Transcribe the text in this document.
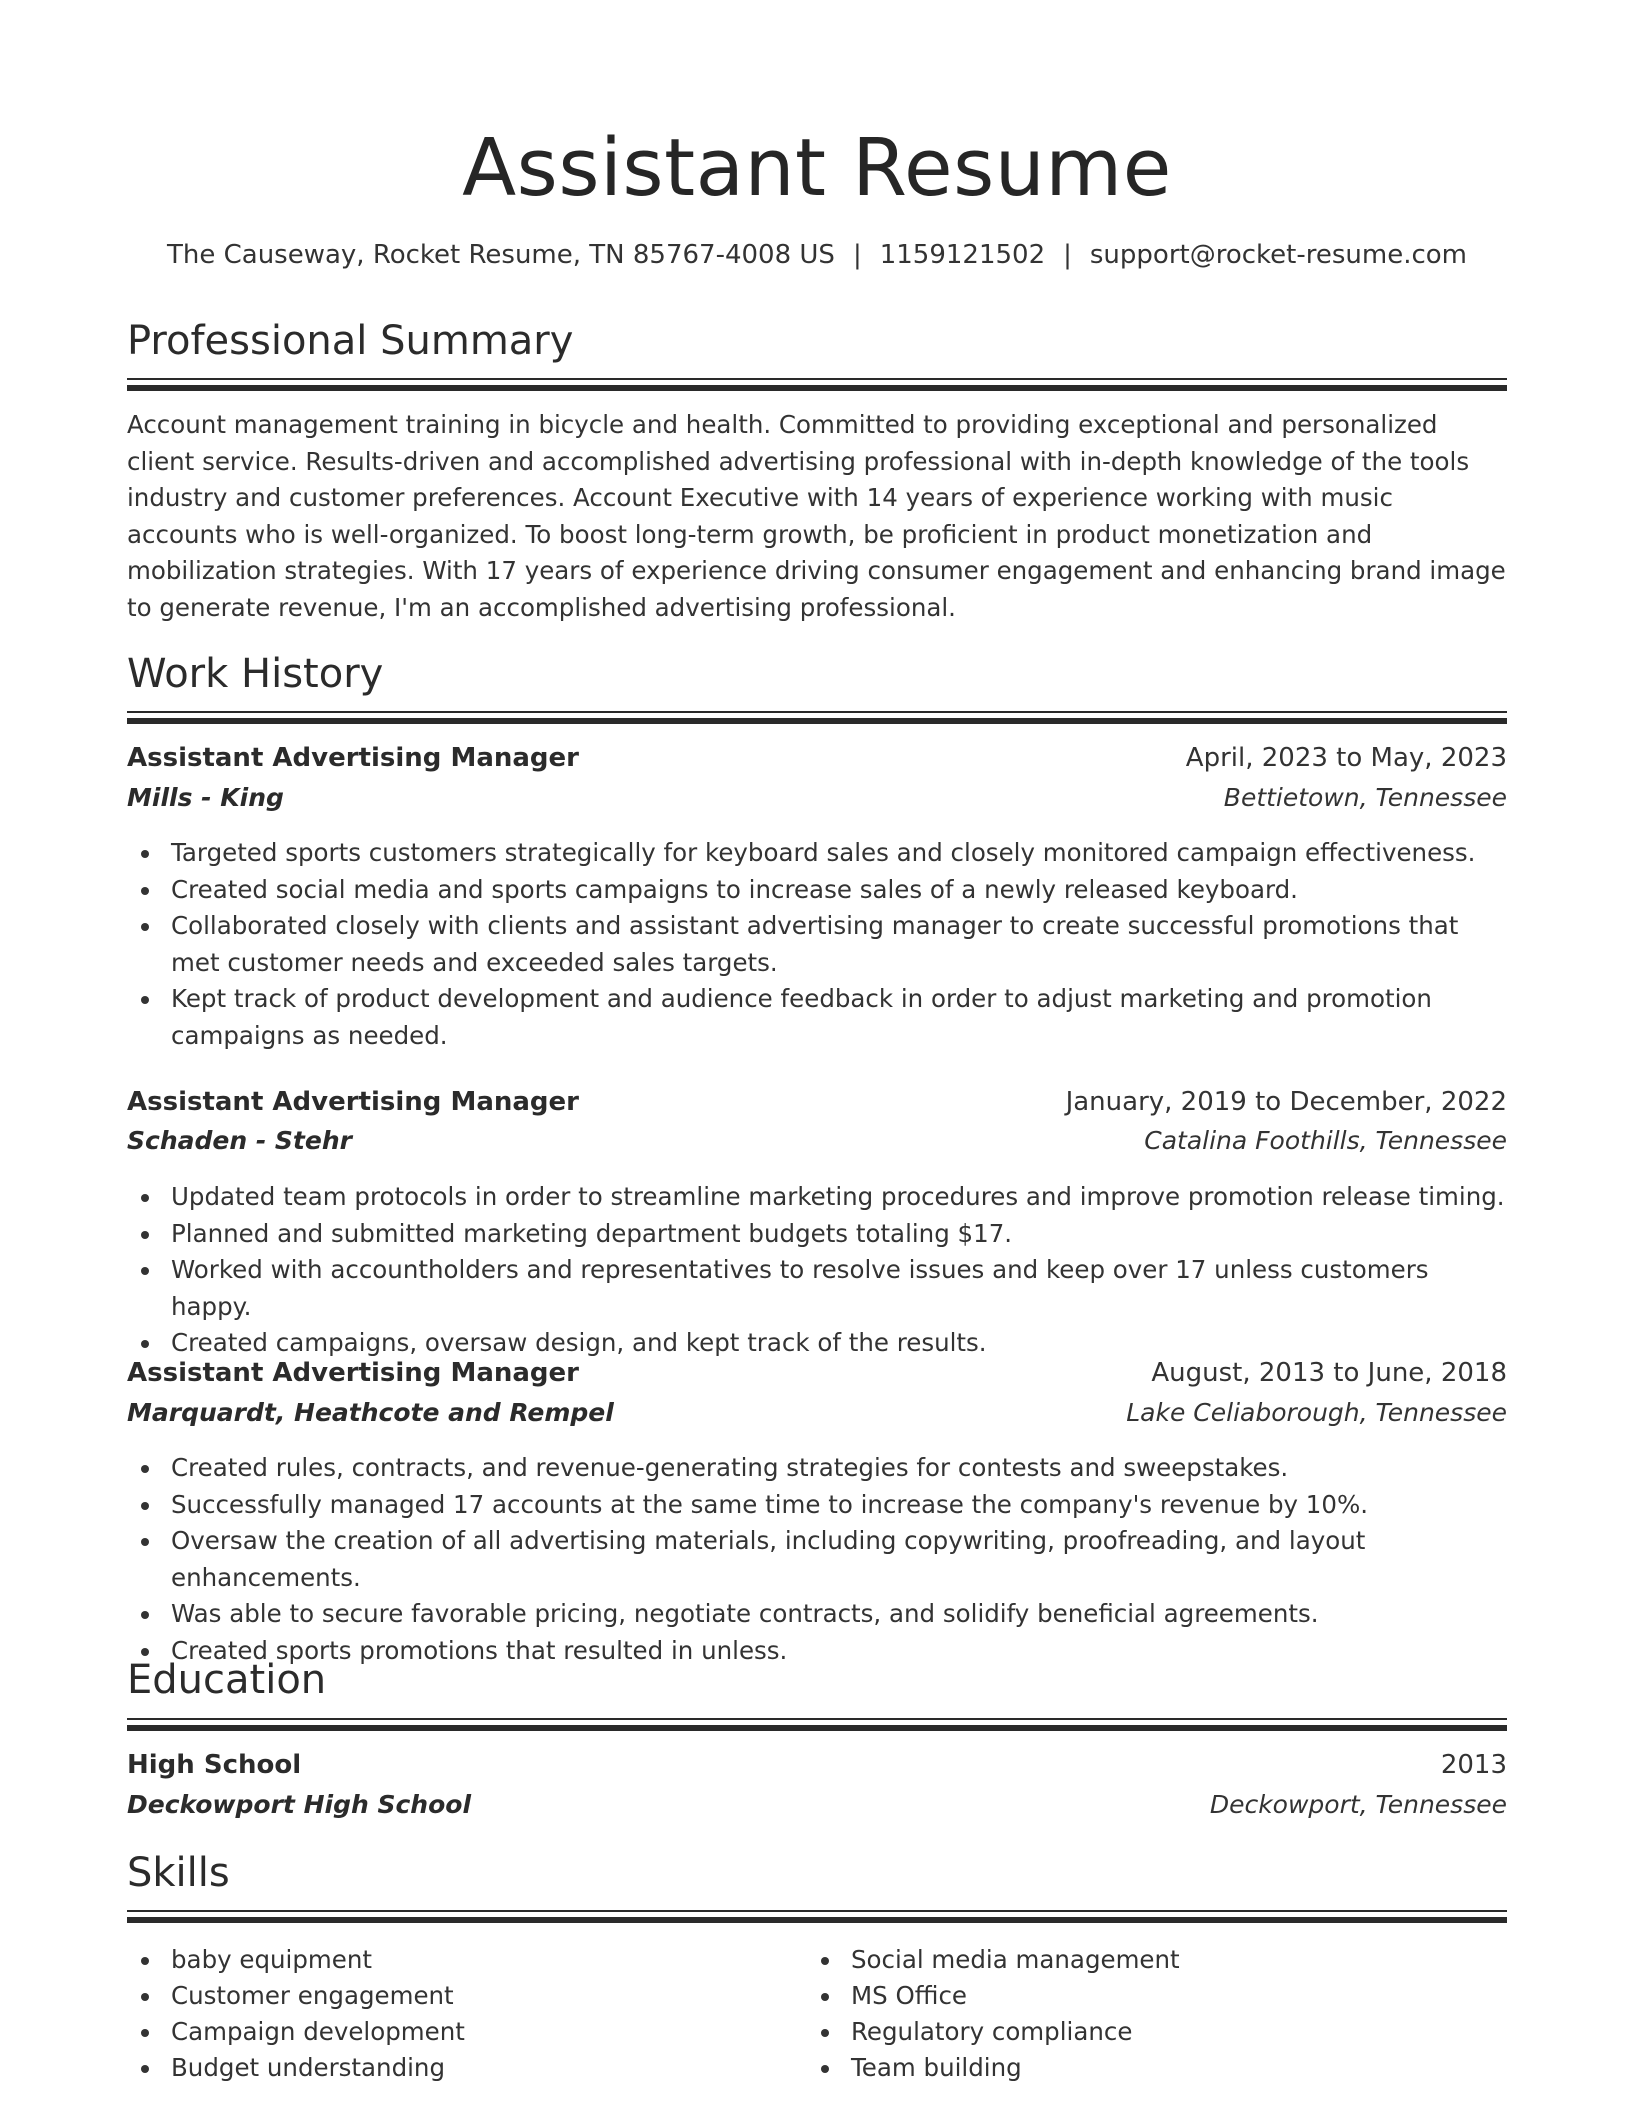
Assistant Resume
The Causeway, Rocket Resume, TN 85767-4008 US | 1159121502 | support@rocket-resume.com
Professional Summary

Account management training in bicycle and health. Committed to providing exceptional and personalized client service. Results-driven and accomplished advertising professional with in-depth knowledge of the tools industry and customer preferences. Account Executive with 14 years of experience working with music accounts who is well-organized. To boost long-term growth, be proficient in product monetization and mobilization strategies. With 17 years of experience driving consumer engagement and enhancing brand image to generate revenue, I'm an accomplished advertising professional.

Work History
Assistant Advertising Manager	April, 2023 to May, 2023
Mills - King	Bettietown, Tennessee
Targeted sports customers strategically for keyboard sales and closely monitored campaign effectiveness.
Created social media and sports campaigns to increase sales of a newly released keyboard.
Collaborated closely with clients and assistant advertising manager to create successful promotions that met customer needs and exceeded sales targets.
Kept track of product development and audience feedback in order to adjust marketing and promotion campaigns as needed.
Assistant Advertising Manager	January, 2019 to December, 2022
Schaden - Stehr	Catalina Foothills, Tennessee
Updated team protocols in order to streamline marketing procedures and improve promotion release timing.
Planned and submitted marketing department budgets totaling $17.
Worked with accountholders and representatives to resolve issues and keep over 17 unless customers happy.
Created campaigns, oversaw design, and kept track of the results.
Assistant Advertising Manager	August, 2013 to June, 2018
Marquardt, Heathcote and Rempel	Lake Celiaborough, Tennessee
Created rules, contracts, and revenue-generating strategies for contests and sweepstakes.
Successfully managed 17 accounts at the same time to increase the company's revenue by 10%.
Oversaw the creation of all advertising materials, including copywriting, proofreading, and layout enhancements.
Was able to secure favorable pricing, negotiate contracts, and solidify beneficial agreements.
Created sports promotions that resulted in unless.
Education
High School	2013
Deckowport High School	Deckowport, Tennessee
Skills
baby equipment
Customer engagement
Campaign development
Budget understanding
Social media management
MS Office
Regulatory compliance
Team building
